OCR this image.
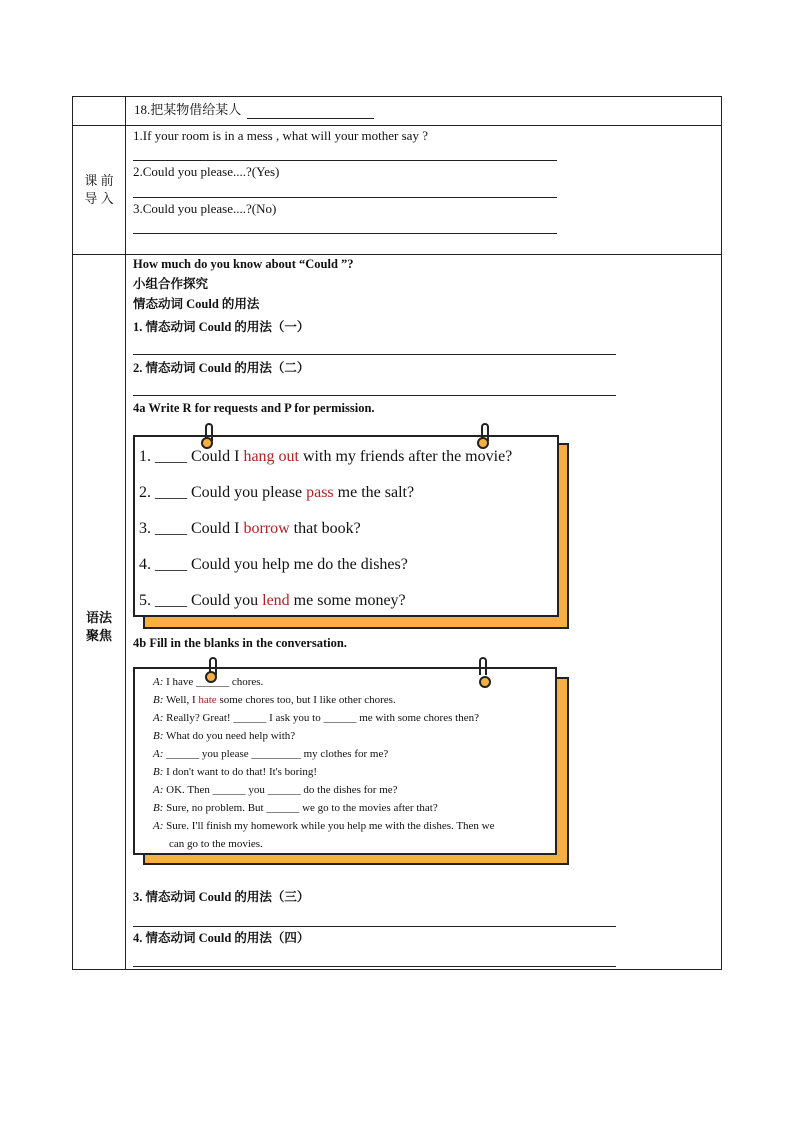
18.把某物借给某人
课 前
导 入
1.If your room is in a mess , what will your mother say ?
2.Could you please....?(Yes)
3.Could you please....?(No)
语法
聚焦
How much do you know about “Could ”?
小组合作探究
情态动词 Could 的用法
1. 情态动词 Could 的用法（一）
2. 情态动词 Could 的用法（二）
4a Write R for requests and P for permission.
1. ____ Could I hang out with my friends after the movie?
2. ____ Could you please pass me the salt?
3. ____ Could I borrow that book?
4. ____ Could you help me do the dishes?
5. ____ Could you lend me some money?
4b Fill in the blanks in the conversation.
A: I have ______ chores.
B: Well, I hate some chores too, but I like other chores.
A: Really? Great! ______ I ask you to ______ me with some chores then?
B: What do you need help with?
A: ______ you please _________ my clothes for me?
B: I don't want to do that! It's boring!
A: OK. Then ______ you ______ do the dishes for me?
B: Sure, no problem. But ______ we go to the movies after that?
A: Sure. I'll finish my homework while you help me with the dishes. Then we
can go to the movies.
3. 情态动词 Could 的用法（三）
4. 情态动词 Could 的用法（四）
